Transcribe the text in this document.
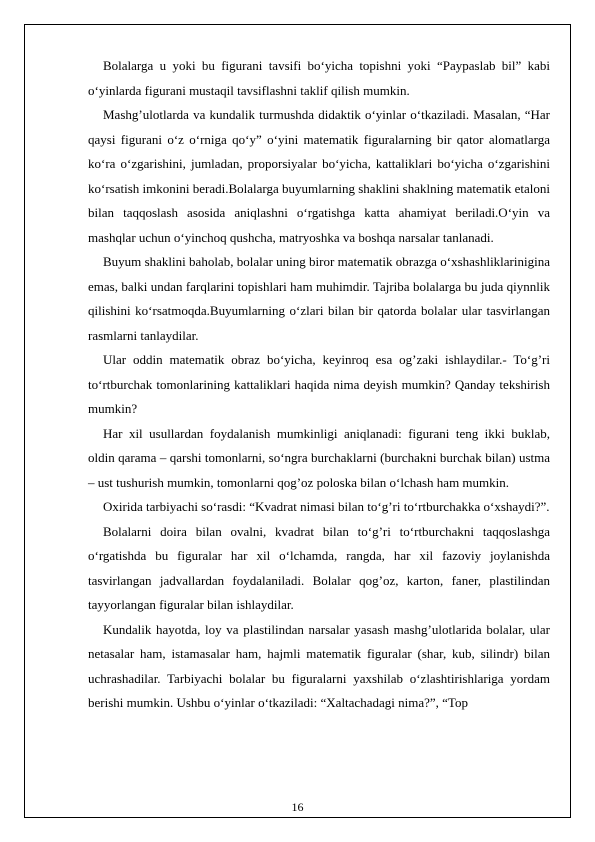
Bolalarga u yoki bu figurani tavsifi bo‘yicha topishni yoki “Paypaslab bil” kabi o‘yinlarda figurani mustaqil tavsiflashni taklif qilish mumkin.

Mashg’ulotlarda va kundalik turmushda didaktik o‘yinlar o‘tkaziladi. Masalan, “Har qaysi figurani o‘z o‘rniga qo‘y” o‘yini matematik figuralarning bir qator alomatlarga ko‘ra o‘zgarishini, jumladan, proporsiyalar bo‘yicha, kattaliklari bo‘yicha o‘zgarishini ko‘rsatish imkonini beradi.Bolalarga buyumlarning shaklini shaklning matematik etaloni bilan taqqoslash asosida aniqlashni o‘rgatishga katta ahamiyat beriladi.O‘yin va mashqlar uchun o‘yinchoq qushcha, matryoshka va boshqa narsalar tanlanadi.

Buyum shaklini baholab, bolalar uning biror matematik obrazga o‘xshashliklarinigina emas, balki undan farqlarini topishlari ham muhimdir. Tajriba bolalarga bu juda qiynnlik qilishini ko‘rsatmoqda.Buyumlarning o‘zlari bilan bir qatorda bolalar ular tasvirlangan rasmlarni tanlaydilar.

Ular oddin matematik obraz bo‘yicha, keyinroq esa og’zaki ishlaydilar.- To‘g’ri to‘rtburchak tomonlarining kattaliklari haqida nima deyish mumkin? Qanday tekshirish mumkin?

Har xil usullardan foydalanish mumkinligi aniqlanadi: figurani teng ikki buklab, oldin qarama – qarshi tomonlarni, so‘ngra burchaklarni (burchakni burchak bilan) ustma – ust tushurish mumkin, tomonlarni qog’oz poloska bilan o‘lchash ham mumkin.

Oxirida tarbiyachi so‘rasdi: “Kvadrat nimasi bilan to‘g’ri to‘rtburchakka o‘xshaydi?”.

Bolalarni doira bilan ovalni, kvadrat bilan to‘g’ri to‘rtburchakni taqqoslashga o‘rgatishda bu figuralar har xil o‘lchamda, rangda, har xil fazoviy joylanishda tasvirlangan jadvallardan foydalaniladi. Bolalar qog’oz, karton, faner, plastilindan tayyorlangan figuralar bilan ishlaydilar.

Kundalik hayotda, loy va plastilindan narsalar yasash mashg’ulotlarida bolalar, ular netasalar ham, istamasalar ham, hajmli matematik figuralar (shar, kub, silindr) bilan uchrashadilar. Tarbiyachi bolalar bu figuralarni yaxshilab o‘zlashtirishlariga yordam berishi mumkin. Ushbu o‘yinlar o‘tkaziladi: “Xaltachadagi nima?”, “Top

16
